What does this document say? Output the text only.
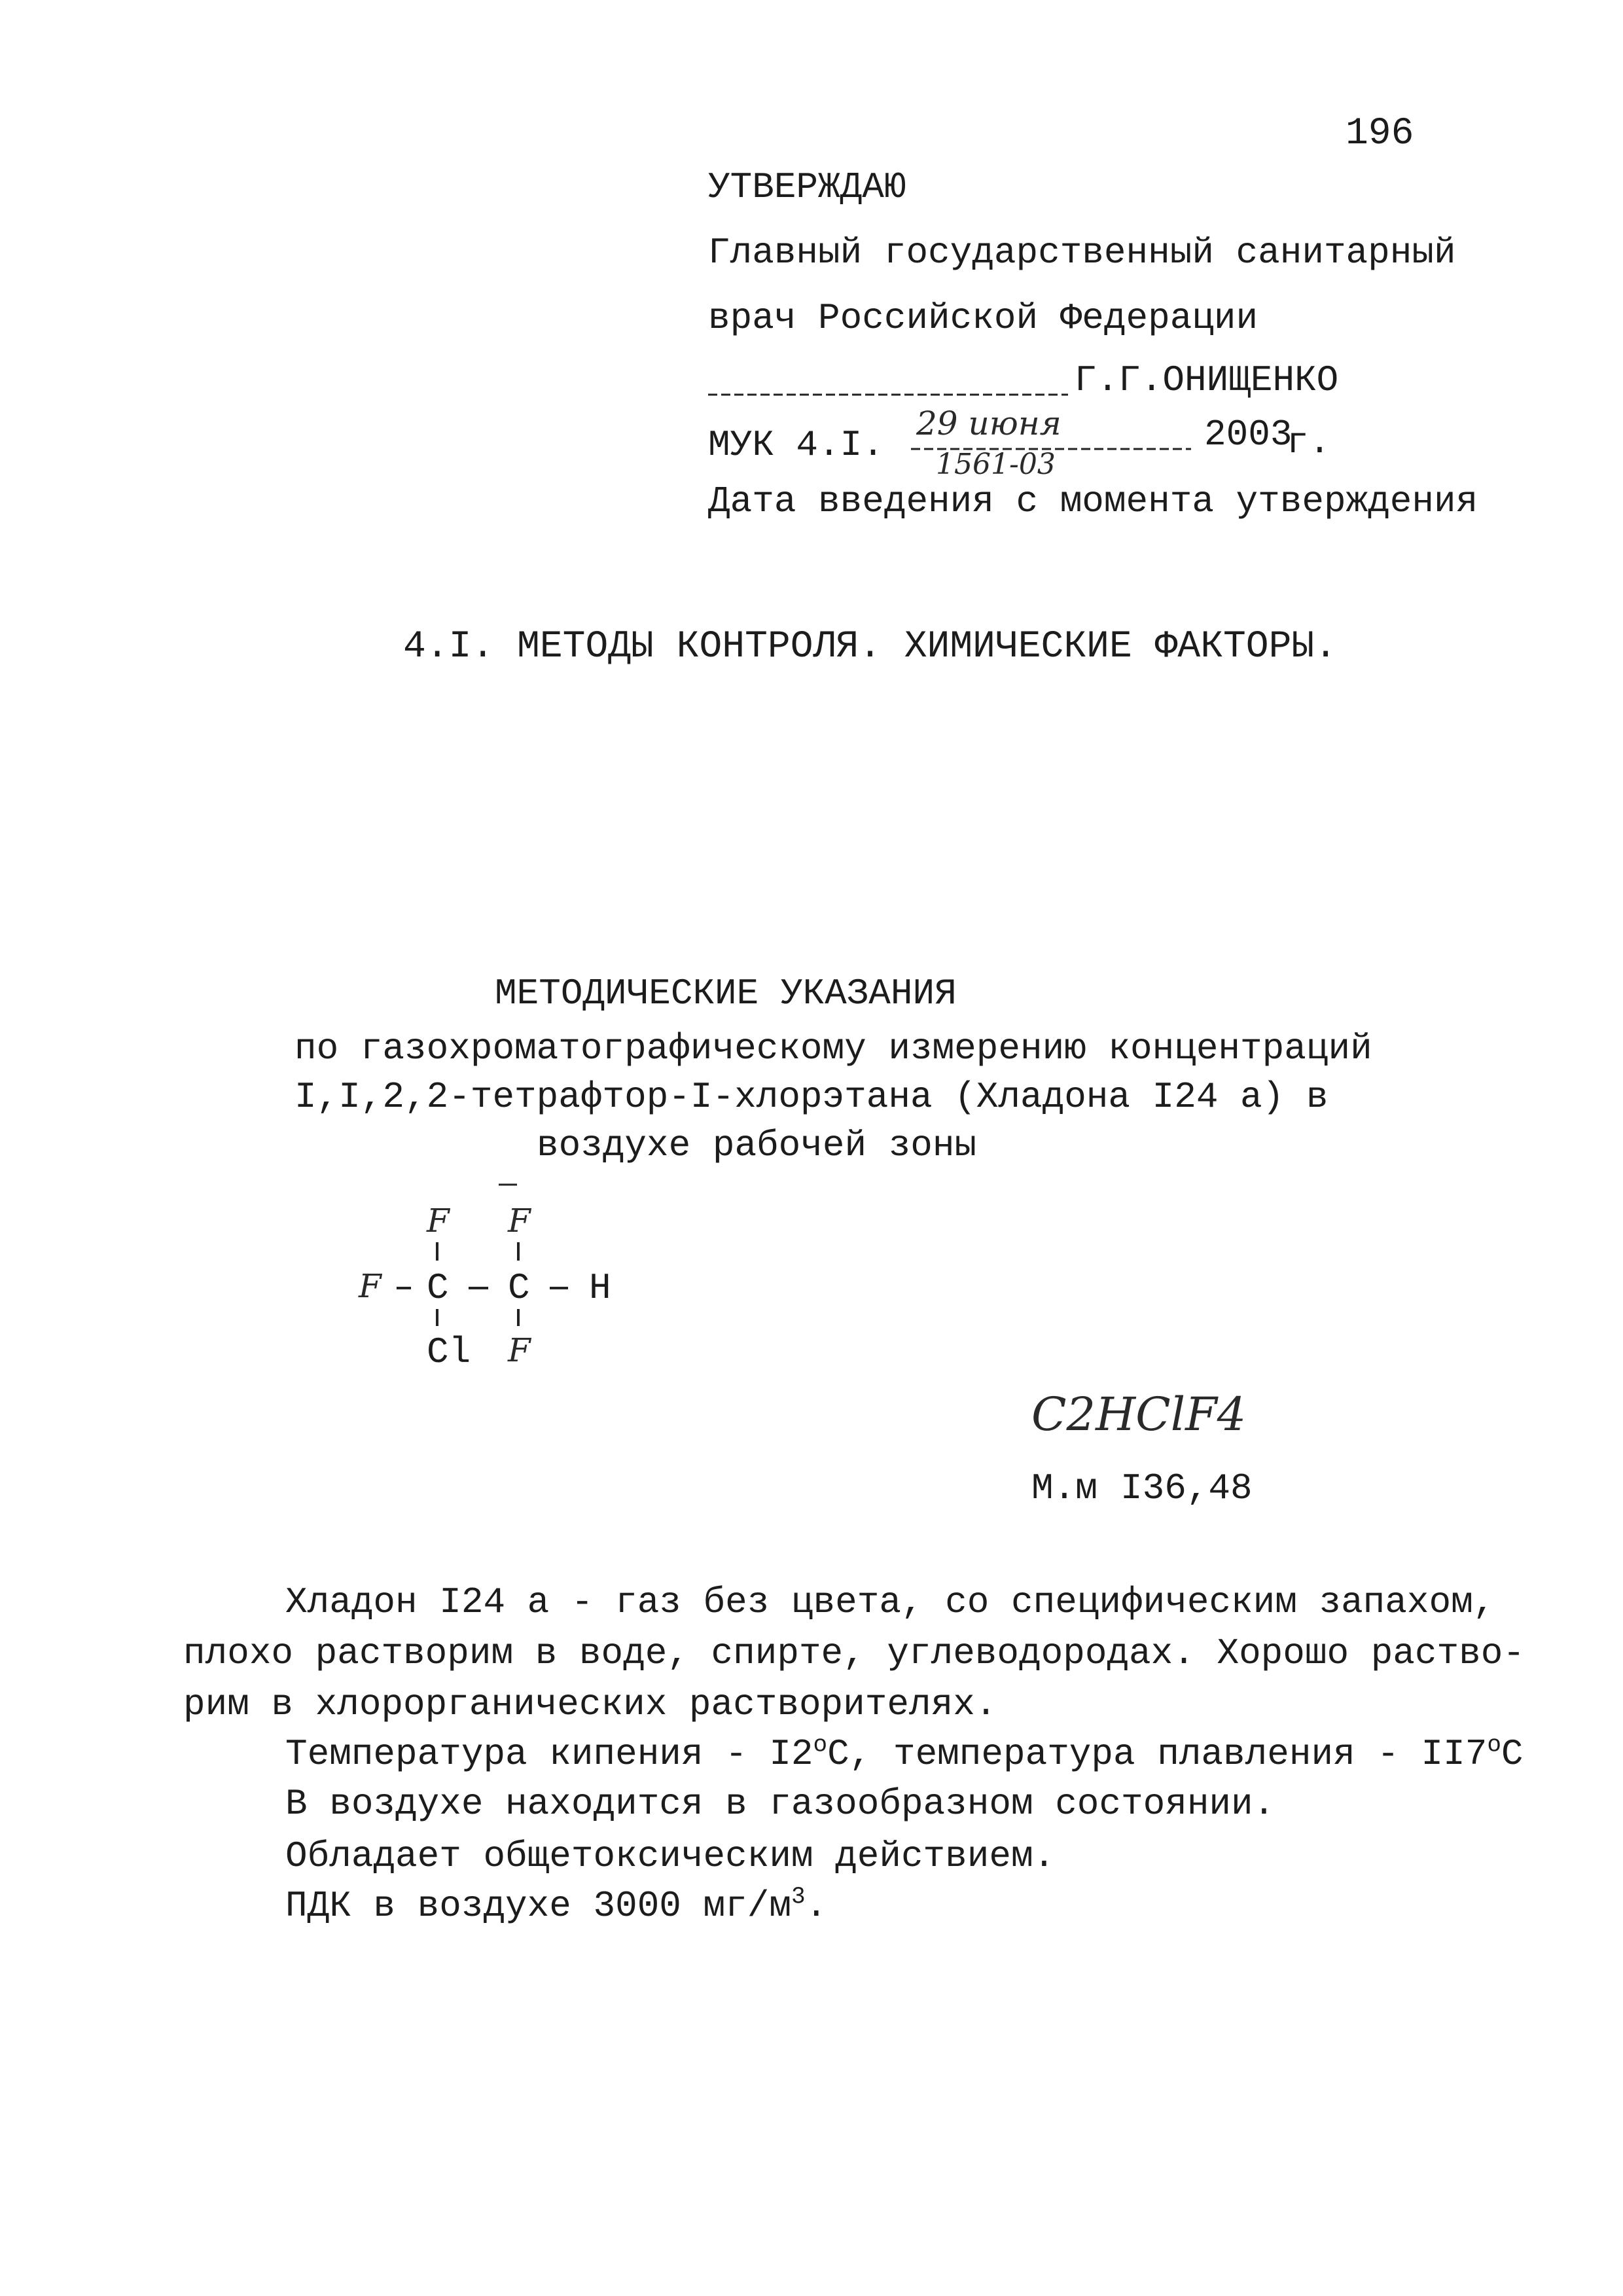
196
УТВЕРЖДАЮ
Главный государственный санитарный
врач Российской Федерации
Г.Г.ОНИЩЕНКО
МУК 4.I.
29 июня	2003
г.
1561-03
Дата введения с момента утверждения
4.I. МЕТОДЫ КОНТРОЛЯ. ХИМИЧЕСКИЕ ФАКТОРЫ.
МЕТОДИЧЕСКИЕ УКАЗАНИЯ
по газохроматографическому измерению концентраций
I,I,2,2-тетрафтор-I-хлорэтана (Хладона I24 а) в
воздухе рабочей зоны
F F
F C C H
Cl F
C2HClF4
М.м I36,48
Хладон I24 а - газ без цвета, со специфическим запахом,
плохо растворим в воде, спирте, углеводородах. Хорошо раство-
рим в хлорорганических растворителях.
Температура кипения - I2$^o$С, температура плавления - II7$^o$С
В воздухе находится в газообразном состоянии.
Обладает общетоксическим действием.
ПДК в воздухе 3000 $мг/м^3$.
